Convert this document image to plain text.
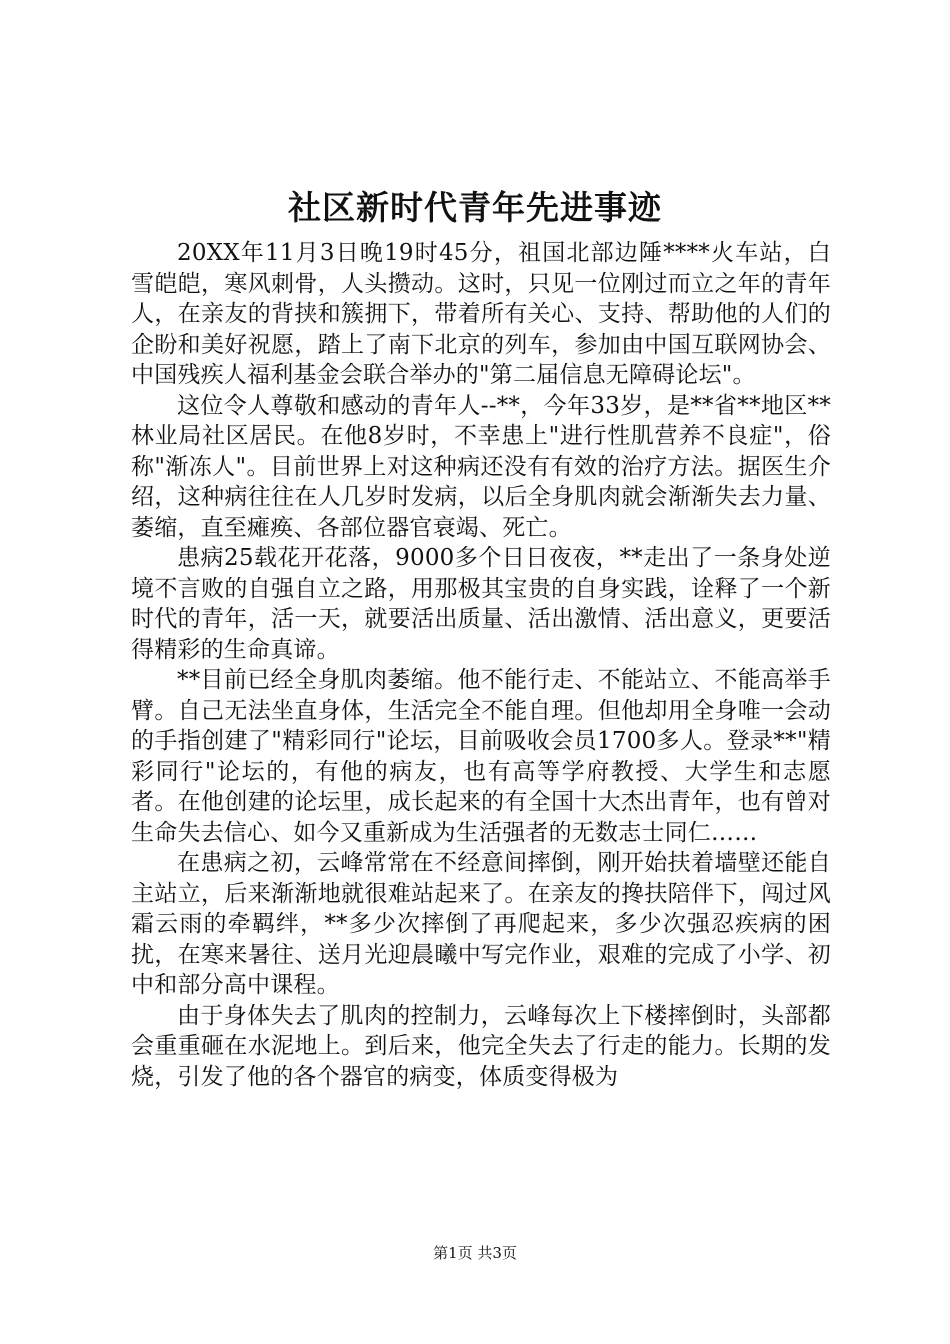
社区新时代青年先进事迹

20XX年11月3日晚19时45分，祖国北部边陲****火车站，白雪皑皑，寒风刺骨，人头攒动。这时，只见一位刚过而立之年的青年人，在亲友的背挟和簇拥下，带着所有关心、支持、帮助他的人们的企盼和美好祝愿，踏上了南下北京的列车，参加由中国互联网协会、中国残疾人福利基金会联合举办的"第二届信息无障碍论坛"。

这位令人尊敬和感动的青年人--**，今年33岁，是**省**地区**林业局社区居民。在他8岁时，不幸患上"进行性肌营养不良症"，俗称"渐冻人"。目前世界上对这种病还没有有效的治疗方法。据医生介绍，这种病往往在人几岁时发病，以后全身肌肉就会渐渐失去力量、萎缩，直至瘫痪、各部位器官衰竭、死亡。

患病25载花开花落，9000多个日日夜夜，**走出了一条身处逆境不言败的自强自立之路，用那极其宝贵的自身实践，诠释了一个新时代的青年，活一天，就要活出质量、活出激情、活出意义，更要活得精彩的生命真谛。

**目前已经全身肌肉萎缩。他不能行走、不能站立、不能高举手臂。自己无法坐直身体，生活完全不能自理。但他却用全身唯一会动的手指创建了"精彩同行"论坛，目前吸收会员1700多人。登录**"精彩同行"论坛的，有他的病友，也有高等学府教授、大学生和志愿者。在他创建的论坛里，成长起来的有全国十大杰出青年，也有曾对生命失去信心、如今又重新成为生活强者的无数志士同仁……

在患病之初，云峰常常在不经意间摔倒，刚开始扶着墙壁还能自主站立，后来渐渐地就很难站起来了。在亲友的搀扶陪伴下，闯过风霜云雨的牵羁绊，**多少次摔倒了再爬起来，多少次强忍疾病的困扰，在寒来暑往、送月光迎晨曦中写完作业，艰难的完成了小学、初中和部分高中课程。

由于身体失去了肌肉的控制力，云峰每次上下楼摔倒时，头部都会重重砸在水泥地上。到后来，他完全失去了行走的能力。长期的发烧，引发了他的各个器官的病变，体质变得极为

第1页 共3页
